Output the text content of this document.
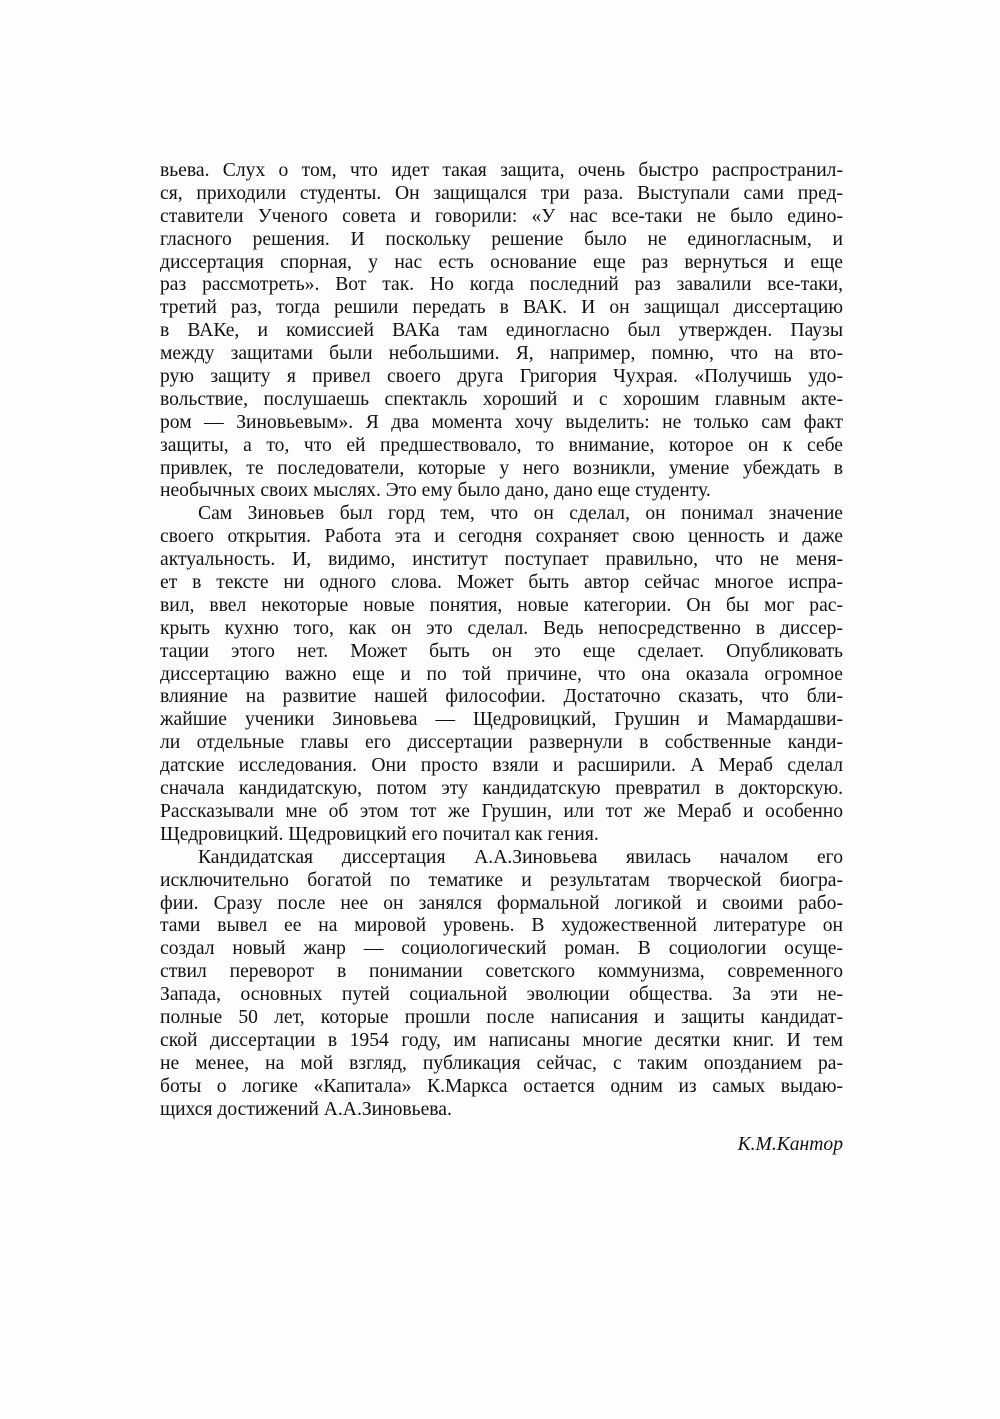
вьева. Слух о том, что идет такая защита, очень быстро распространил-
ся, приходили студенты. Он защищался три раза. Выступали сами пред-
ставители Ученого совета и говорили: «У нас все-таки не было едино-
гласного решения. И поскольку решение было не единогласным, и
диссертация спорная, у нас есть основание еще раз вернуться и еще
раз рассмотреть». Вот так. Но когда последний раз завалили все-таки,
третий раз, тогда решили передать в ВАК. И он защищал диссертацию
в ВАКе, и комиссией ВАКа там единогласно был утвержден. Паузы
между защитами были небольшими. Я, например, помню, что на вто-
рую защиту я привел своего друга Григория Чухрая. «Получишь удо-
вольствие, послушаешь спектакль хороший и с хорошим главным акте-
ром — Зиновьевым». Я два момента хочу выделить: не только сам факт
защиты, а то, что ей предшествовало, то внимание, которое он к себе
привлек, те последователи, которые у него возникли, умение убеждать в
необычных своих мыслях. Это ему было дано, дано еще студенту.
Сам Зиновьев был горд тем, что он сделал, он понимал значение
своего открытия. Работа эта и сегодня сохраняет свою ценность и даже
актуальность. И, видимо, институт поступает правильно, что не меня-
ет в тексте ни одного слова. Может быть автор сейчас многое испра-
вил, ввел некоторые новые понятия, новые категории. Он бы мог рас-
крыть кухню того, как он это сделал. Ведь непосредственно в диссер-
тации этого нет. Может быть он это еще сделает. Опубликовать
диссертацию важно еще и по той причине, что она оказала огромное
влияние на развитие нашей философии. Достаточно сказать, что бли-
жайшие ученики Зиновьева — Щедровицкий, Грушин и Мамардашви-
ли отдельные главы его диссертации развернули в собственные канди-
датские исследования. Они просто взяли и расширили. А Мераб сделал
сначала кандидатскую, потом эту кандидатскую превратил в докторскую.
Рассказывали мне об этом тот же Грушин, или тот же Мераб и особенно
Щедровицкий. Щедровицкий его почитал как гения.
Кандидатская диссертация А.А.Зиновьева явилась началом его
исключительно богатой по тематике и результатам творческой биогра-
фии. Сразу после нее он занялся формальной логикой и своими рабо-
тами вывел ее на мировой уровень. В художественной литературе он
создал новый жанр — социологический роман. В социологии осуще-
ствил переворот в понимании советского коммунизма, современного
Запада, основных путей социальной эволюции общества. За эти не-
полные 50 лет, которые прошли после написания и защиты кандидат-
ской диссертации в 1954 году, им написаны многие десятки книг. И тем
не менее, на мой взгляд, публикация сейчас, с таким опозданием ра-
боты о логике «Капитала» К.Маркса остается одним из самых выдаю-
щихся достижений А.А.Зиновьева.
К.М.Кантор
